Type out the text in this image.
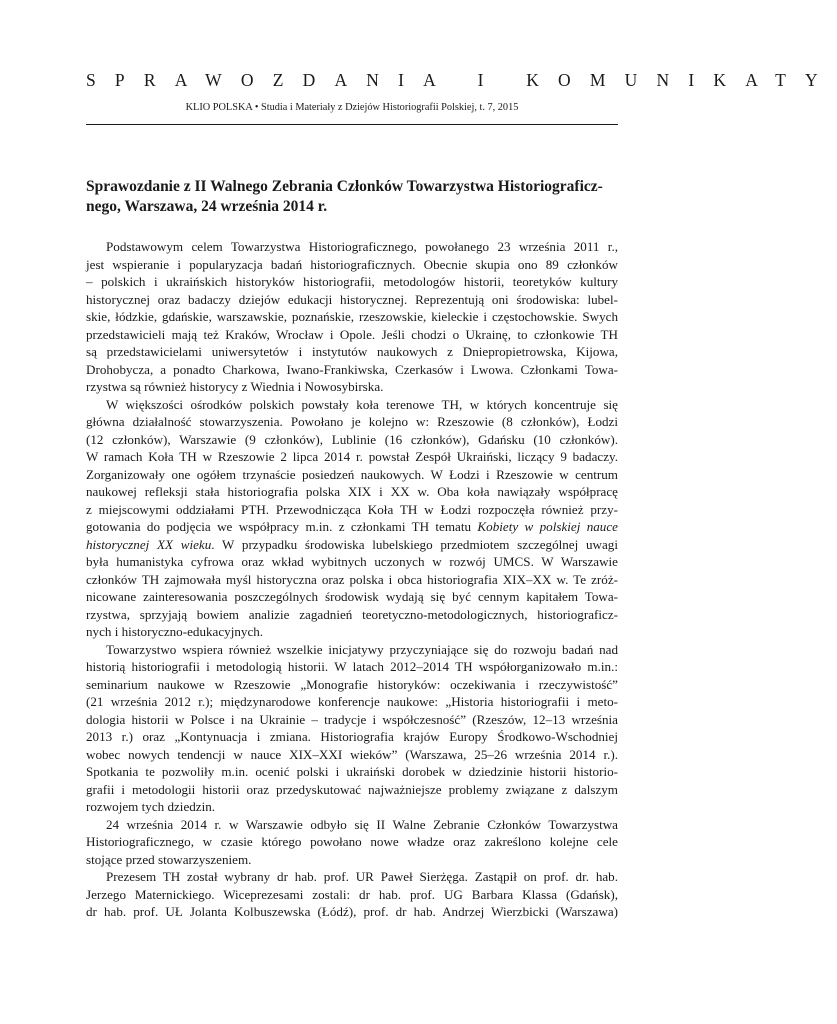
SPRAWOZDANIA I KOMUNIKATY
KLIO POLSKA • Studia i Materiały z Dziejów Historiografii Polskiej, t. 7, 2015
Sprawozdanie z II Walnego Zebrania Członków Towarzystwa Historiograficz-
nego, Warszawa, 24 września 2014 r.
Podstawowym celem Towarzystwa Historiograficznego, powołanego 23 września 2011 r.,
jest wspieranie i popularyzacja badań historiograficznych. Obecnie skupia ono 89 członków
– polskich i ukraińskich historyków historiografii, metodologów historii, teoretyków kultury
historycznej oraz badaczy dziejów edukacji historycznej. Reprezentują oni środowiska: lubel-
skie, łódzkie, gdańskie, warszawskie, poznańskie, rzeszowskie, kieleckie i częstochowskie. Swych
przedstawicieli mają też Kraków, Wrocław i Opole. Jeśli chodzi o Ukrainę, to członkowie TH
są przedstawicielami uniwersytetów i instytutów naukowych z Dniepropietrowska, Kijowa,
Drohobycza, a ponadto Charkowa, Iwano-Frankiwska, Czerkasów i Lwowa. Członkami Towa-
rzystwa są również historycy z Wiednia i Nowosybirska.
W większości ośrodków polskich powstały koła terenowe TH, w których koncentruje się
główna działalność stowarzyszenia. Powołano je kolejno w: Rzeszowie (8 członków), Łodzi
(12 członków), Warszawie (9 członków), Lublinie (16 członków), Gdańsku (10 członków).
W ramach Koła TH w Rzeszowie 2 lipca 2014 r. powstał Zespół Ukraiński, liczący 9 badaczy.
Zorganizowały one ogółem trzynaście posiedzeń naukowych. W Łodzi i Rzeszowie w centrum
naukowej refleksji stała historiografia polska XIX i XX w. Oba koła nawiązały współpracę
z miejscowymi oddziałami PTH. Przewodnicząca Koła TH w Łodzi rozpoczęła również przy-
gotowania do podjęcia we współpracy m.in. z członkami TH tematu Kobiety w polskiej nauce
historycznej XX wieku. W przypadku środowiska lubelskiego przedmiotem szczególnej uwagi
była humanistyka cyfrowa oraz wkład wybitnych uczonych w rozwój UMCS. W Warszawie
członków TH zajmowała myśl historyczna oraz polska i obca historiografia XIX–XX w. Te zróż-
nicowane zainteresowania poszczególnych środowisk wydają się być cennym kapitałem Towa-
rzystwa, sprzyjają bowiem analizie zagadnień teoretyczno-metodologicznych, historiograficz-
nych i historyczno-edukacyjnych.
Towarzystwo wspiera również wszelkie inicjatywy przyczyniające się do rozwoju badań nad
historią historiografii i metodologią historii. W latach 2012–2014 TH współorganizowało m.in.:
seminarium naukowe w Rzeszowie „Monografie historyków: oczekiwania i rzeczywistość”
(21 września 2012 r.); międzynarodowe konferencje naukowe: „Historia historiografii i meto-
dologia historii w Polsce i na Ukrainie – tradycje i współczesność” (Rzeszów, 12–13 września
2013 r.) oraz „Kontynuacja i zmiana. Historiografia krajów Europy Środkowo-Wschodniej
wobec nowych tendencji w nauce XIX–XXI wieków” (Warszawa, 25–26 września 2014 r.).
Spotkania te pozwoliły m.in. ocenić polski i ukraiński dorobek w dziedzinie historii historio-
grafii i metodologii historii oraz przedyskutować najważniejsze problemy związane z dalszym
rozwojem tych dziedzin.
24 września 2014 r. w Warszawie odbyło się II Walne Zebranie Członków Towarzystwa
Historiograficznego, w czasie którego powołano nowe władze oraz zakreślono kolejne cele
stojące przed stowarzyszeniem.
Prezesem TH został wybrany dr hab. prof. UR Paweł Sierżęga. Zastąpił on prof. dr. hab.
Jerzego Maternickiego. Wiceprezesami zostali: dr hab. prof. UG Barbara Klassa (Gdańsk),
dr hab. prof. UŁ Jolanta Kolbuszewska (Łódź), prof. dr hab. Andrzej Wierzbicki (Warszawa)
